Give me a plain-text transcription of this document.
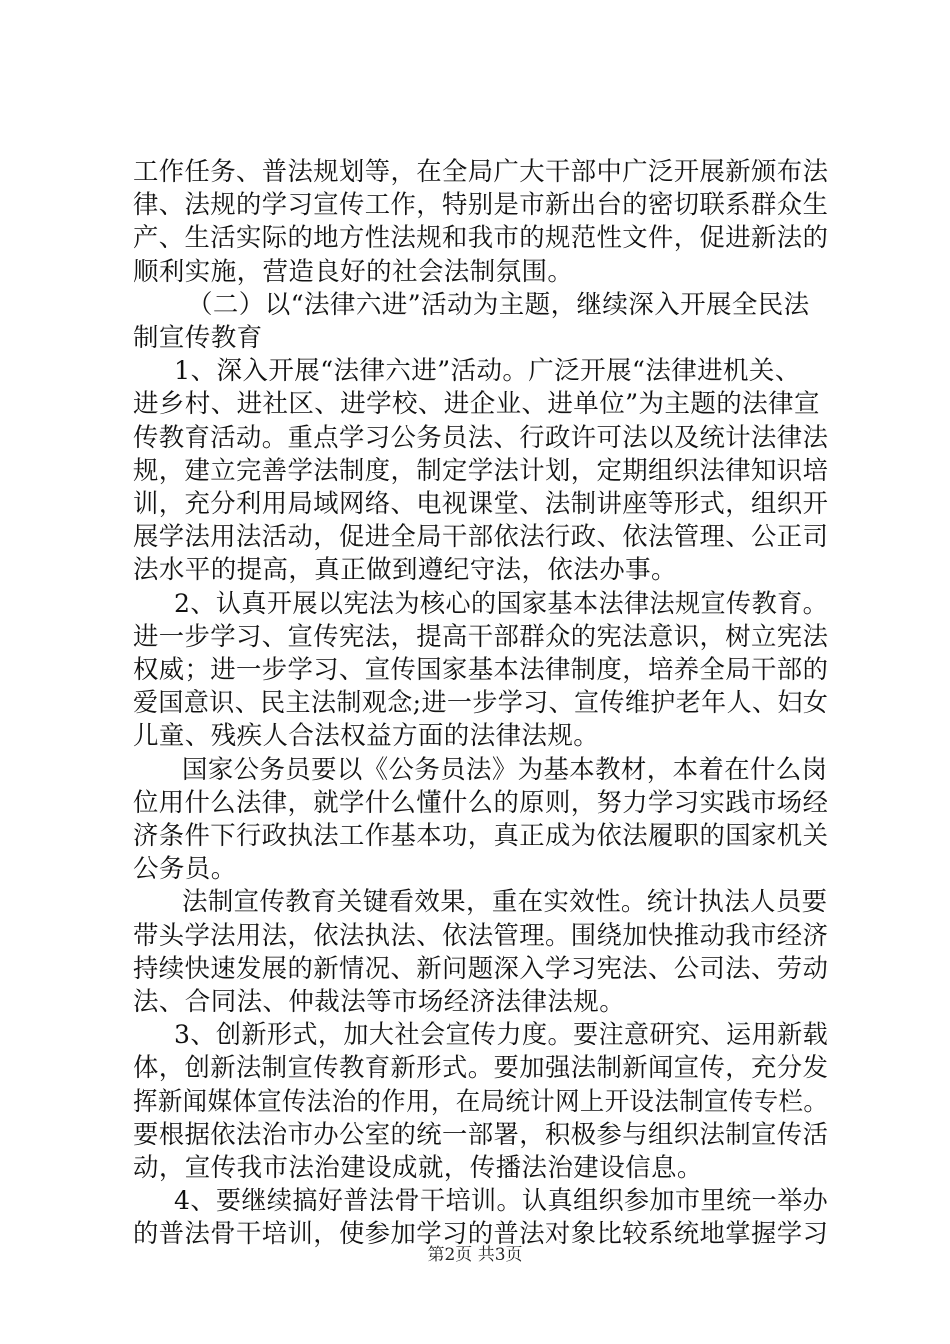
工作任务、普法规划等，在全局广大干部中广泛开展新颁布法
律、法规的学习宣传工作，特别是市新出台的密切联系群众生
产、生活实际的地方性法规和我市的规范性文件，促进新法的
顺利实施，营造良好的社会法制氛围。
（二）以“法律六进”活动为主题，继续深入开展全民法
制宣传教育
1、深入开展“法律六进”活动。广泛开展“法律进机关、
进乡村、进社区、进学校、进企业、进单位”为主题的法律宣
传教育活动。重点学习公务员法、行政许可法以及统计法律法
规，建立完善学法制度，制定学法计划，定期组织法律知识培
训，充分利用局域网络、电视课堂、法制讲座等形式，组织开
展学法用法活动，促进全局干部依法行政、依法管理、公正司
法水平的提高，真正做到遵纪守法，依法办事。
2、认真开展以宪法为核心的国家基本法律法规宣传教育。
进一步学习、宣传宪法，提高干部群众的宪法意识，树立宪法
权威；进一步学习、宣传国家基本法律制度，培养全局干部的
爱国意识、民主法制观念;进一步学习、宣传维护老年人、妇女
儿童、残疾人合法权益方面的法律法规。
国家公务员要以《公务员法》为基本教材，本着在什么岗
位用什么法律，就学什么懂什么的原则，努力学习实践市场经
济条件下行政执法工作基本功，真正成为依法履职的国家机关
公务员。
法制宣传教育关键看效果，重在实效性。统计执法人员要
带头学法用法，依法执法、依法管理。围绕加快推动我市经济
持续快速发展的新情况、新问题深入学习宪法、公司法、劳动
法、合同法、仲裁法等市场经济法律法规。
3、创新形式，加大社会宣传力度。要注意研究、运用新载
体，创新法制宣传教育新形式。要加强法制新闻宣传，充分发
挥新闻媒体宣传法治的作用，在局统计网上开设法制宣传专栏。
要根据依法治市办公室的统一部署，积极参与组织法制宣传活
动，宣传我市法治建设成就，传播法治建设信息。
4、要继续搞好普法骨干培训。认真组织参加市里统一举办
的普法骨干培训，使参加学习的普法对象比较系统地掌握学习
第2页 共3页
